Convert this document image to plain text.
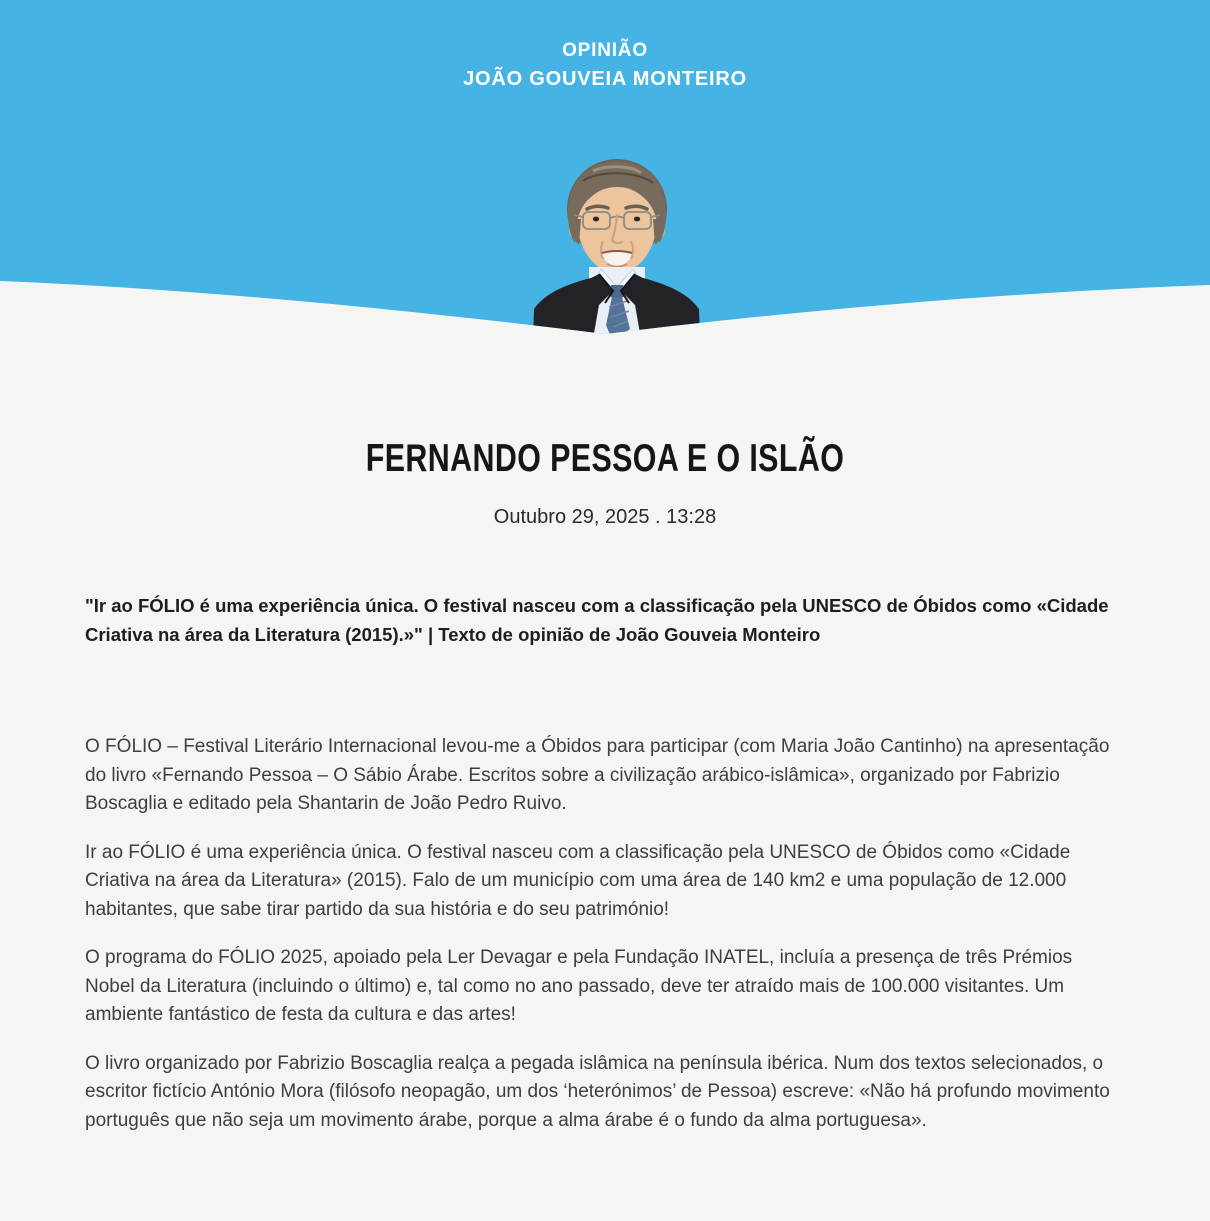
OPINIÃO
JOÃO GOUVEIA MONTEIRO
FERNANDO PESSOA E O ISLÃO
Outubro 29, 2025 . 13:28

"Ir ao FÓLIO é uma experiência única. O festival nasceu com a classificação pela UNESCO de Óbidos como «Cidade Criativa na área da Literatura (2015).»" | Texto de opinião de João Gouveia Monteiro

O FÓLIO – Festival Literário Internacional levou-me a Óbidos para participar (com Maria João Cantinho) na apresentação do livro «Fernando Pessoa – O Sábio Árabe. Escritos sobre a civilização arábico-islâmica», organizado por Fabrizio Boscaglia e editado pela Shantarin de João Pedro Ruivo.

Ir ao FÓLIO é uma experiência única. O festival nasceu com a classificação pela UNESCO de Óbidos como «Cidade Criativa na área da Literatura» (2015). Falo de um município com uma área de 140 km2 e uma população de 12.000 habitantes, que sabe tirar partido da sua história e do seu património!

O programa do FÓLIO 2025, apoiado pela Ler Devagar e pela Fundação INATEL, incluía a presença de três Prémios Nobel da Literatura (incluindo o último) e, tal como no ano passado, deve ter atraído mais de 100.000 visitantes. Um ambiente fantástico de festa da cultura e das artes!

O livro organizado por Fabrizio Boscaglia realça a pegada islâmica na península ibérica. Num dos textos selecionados, o escritor fictício António Mora (filósofo neopagão, um dos ‘heterónimos’ de Pessoa) escreve: «Não há profundo movimento português que não seja um movimento árabe, porque a alma árabe é o fundo da alma portuguesa».
